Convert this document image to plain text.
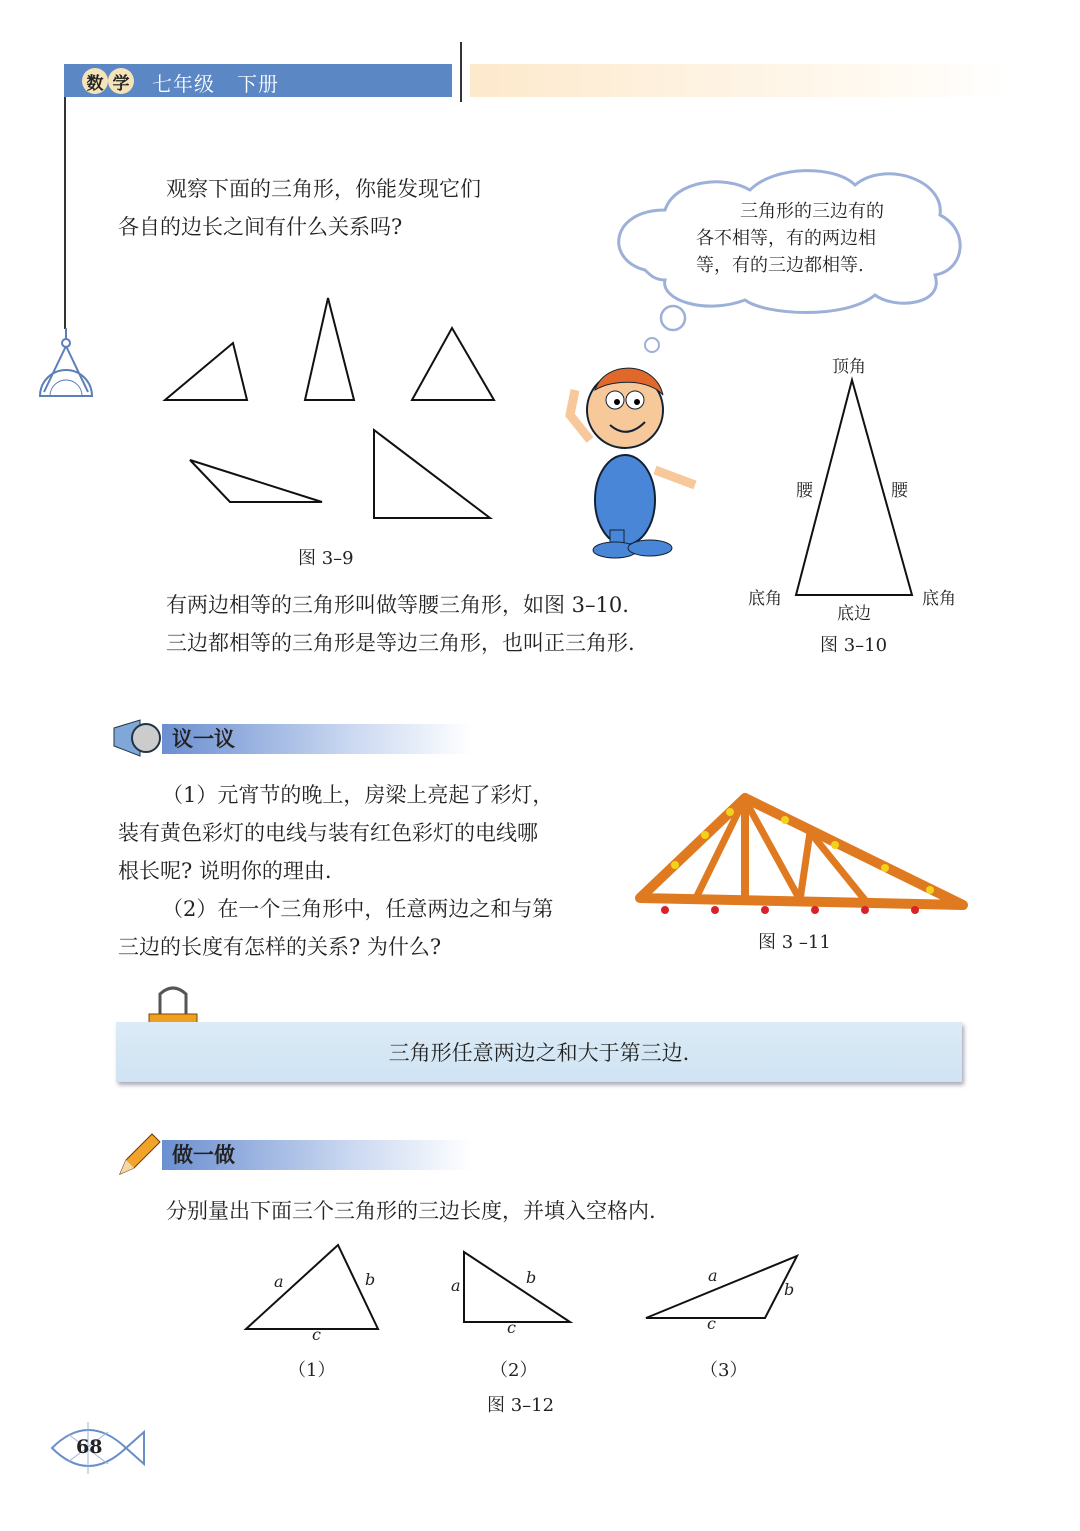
数 学 七年级 下册
观察下面的三角形，你能发现它们
各自的边长之间有什么关系吗?
三角形的三边有的
各不相等，有的两边相
等，有的三边都相等.
图 3–9
顶角
腰	腰
底角	底角
底边
图 3–10
有两边相等的三角形叫做等腰三角形，如图 3–10.
三边都相等的三角形是等边三角形，也叫正三角形.
议一议
（1）元宵节的晚上，房梁上亮起了彩灯，
装有黄色彩灯的电线与装有红色彩灯的电线哪
根长呢? 说明你的理由.
（2）在一个三角形中，任意两边之和与第
三边的长度有怎样的关系? 为什么?	图 3 –11
三角形任意两边之和大于第三边.
做一做
分别量出下面三个三角形的三边长度，并填入空格内.
a	b
c
a	b
c
a
b
c
（1）	（2）	（3）
图 3–12
68
